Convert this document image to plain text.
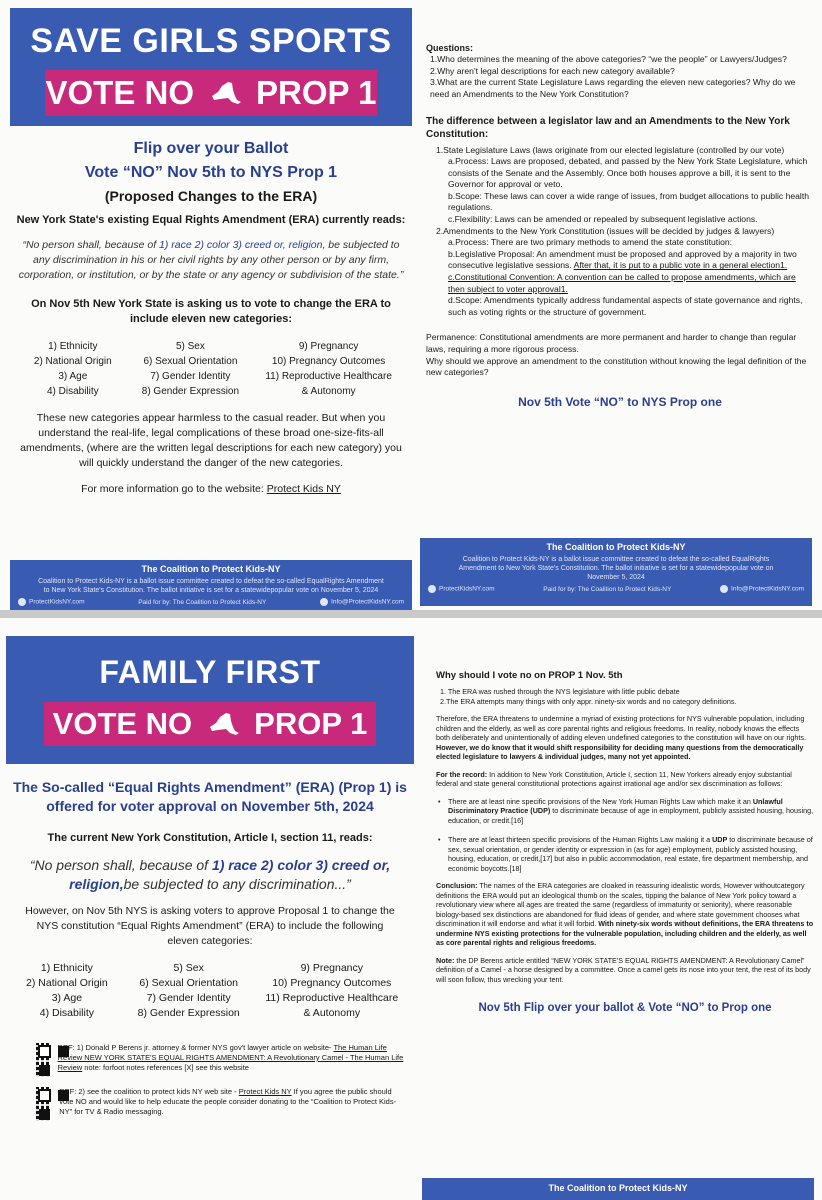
SAVE GIRLS SPORTS
VOTE NO PROP 1
Flip over your Ballot
Vote “NO” Nov 5th to NYS Prop 1
(Proposed Changes to the ERA)
New York State's existing Equal Rights Amendment (ERA) currently reads:
“No person shall, because of 1) race 2) color 3) creed or, religion, be subjected to any discrimination in his or her civil rights by any other person or by any firm, corporation, or institution, or by the state or any agency or subdivision of the state.”
On Nov 5th New York State is asking us to vote to change the ERA to include eleven new categories:
1) Ethnicity	5) Sex	9) Pregnancy
2) National Origin	6) Sexual Orientation	10) Pregnancy Outcomes
3) Age	7) Gender Identity	11) Reproductive Healthcare
4) Disability	8) Gender Expression	& Autonomy
These new categories appear harmless to the casual reader. But when you understand the real-life, legal complications of these broad one-size-fits-all amendments, (where are the written legal descriptions for each new category) you will quickly understand the danger of the new categories.
For more information go to the website: Protect Kids NY
The Coalition to Protect Kids-NY
Coalition to Protect Kids-NY is a ballot issue committee created to defeat the so-called EqualRights Amendment to New York State's Constitution. The ballot initiative is set for a statewidepopular vote on November 5, 2024
ProtectKidsNY.com	Paid for by: The Coalition to Protect Kids-NY	Info@ProtectKidsNY.com
Questions:
1.Who determines the meaning of the above categories? “we the people” or Lawyers/Judges?
2.Why aren't legal descriptions for each new category available?
3.What are the current State Legislature Laws regarding the eleven new categories? Why do we need an Amendments to the New York Constitution?
The difference between a legislator law and an Amendments to the New York Constitution:
1.State Legislature Laws (laws originate from our elected legislature (controlled by our vote)
a.Process: Laws are proposed, debated, and passed by the New York State Legislature, which consists of the Senate and the Assembly. Once both houses approve a bill, it is sent to the Governor for approval or veto.
b.Scope: These laws can cover a wide range of issues, from budget allocations to public health regulations.
c.Flexibility: Laws can be amended or repealed by subsequent legislative actions.
2.Amendments to the New York Constitution (issues will be decided by judges & lawyers)
a.Process: There are two primary methods to amend the state constitution:
b.Legislative Proposal: An amendment must be proposed and approved by a majority in two consecutive legislative sessions. After that, it is put to a public vote in a general election1.
c.Constitutional Convention: A convention can be called to propose amendments, which are then subject to voter approval1.
d.Scope: Amendments typically address fundamental aspects of state governance and rights, such as voting rights or the structure of government.
Permanence: Constitutional amendments are more permanent and harder to change than regular laws, requiring a more rigorous process.
Why should we approve an amendment to the constitution without knowing the legal definition of the new categories?
Nov 5th Vote “NO” to NYS Prop one
The Coalition to Protect Kids-NY
Coalition to Protect Kids-NY is a ballot issue committee created to defeat the so-called EqualRights Amendment to New York State's Constitution. The ballot initiative is set for a statewidepopular vote on November 5, 2024
ProtectKidsNY.com	Paid for by: The Coalition to Protect Kids-NY	Info@ProtectKidsNY.com
FAMILY FIRST
VOTE NO PROP 1
The So-called “Equal Rights Amendment” (ERA) (Prop 1) is offered for voter approval on November 5th, 2024
The current New York Constitution, Article I, section 11, reads:
“No person shall, because of 1) race 2) color 3) creed or, religion,be subjected to any discrimination...”
However, on Nov 5th NYS is asking voters to approve Proposal 1 to change the NYS constitution “Equal Rights Amendment” (ERA) to include the following eleven categories:
1) Ethnicity	5) Sex	9) Pregnancy
2) National Origin	6) Sexual Orientation	10) Pregnancy Outcomes
3) Age	7) Gender Identity	11) Reproductive Healthcare
4) Disability	8) Gender Expression	& Autonomy
REF: 1) Donald P Berens jr. attorney & former NYS gov't lawyer article on website- The Human Life Review NEW YORK STATE'S EQUAL RIGHTS AMENDMENT: A Revolutionary Camel - The Human Life Review note: forfoot notes references [X] see this website
REF: 2) see the coalition to protect kids NY web site - Protect Kids NY If you agree the public should vote NO and would like to help educate the people consider donating to the “Coalition to Protect Kids-NY” for TV & Radio messaging.
Why should I vote no on PROP 1 Nov. 5th
1. The ERA was rushed through the NYS legislature with little public debate
2.The ERA attempts many things with only appr. ninety-six words and no category definitions.
Therefore, the ERA threatens to undermine a myriad of existing protections for NYS vulnerable population, including children and the elderly, as well as core parental rights and religious freedoms. In reality, nobody knows the effects both deliberately and unintentionally of adding eleven undefined categories to the constitution will have on our rights. However, we do know that it would shift responsibility for deciding many questions from the democratically elected legislature to lawyers & individual judges, many not yet appointed.
For the record: In addition to New York Constitution, Article I, section 11, New Yorkers already enjoy substantial federal and state general constitutional protections against irrational age and/or sex discrimination as follows:
• There are at least nine specific provisions of the New York Human Rights Law which make it an Unlawful Discriminatory Practice (UDP) to discriminate because of age in employment, publicly assisted housing, housing, education, or credit.[16]
• There are at least thirteen specific provisions of the Human Rights Law making it a UDP to discriminate because of sex, sexual orientation, or gender identity or expression in (as for age) employment, publicly assisted housing, housing, education, or credit,[17] but also in public accommodation, real estate, fire department membership, and economic boycotts.[18]
Conclusion: The names of the ERA categories are cloaked in reassuring idealistic words, However withoutcategory definitions the ERA would put an ideological thumb on the scales, tipping the balance of New York policy toward a revolutionary view where all ages are treated the same (regardless of immaturity or seniority), where reasonable biology-based sex distinctions are abandoned for fluid ideas of gender, and where state government chooses what discrimination it will endorse and what it will forbid. With ninety-six words without definitions, the ERA threatens to undermine NYS existing protections for the vulnerable population, including children and the elderly, as well as core parental rights and religious freedoms.
Note: the DP Berens article entitled “NEW YORK STATE'S EQUAL RIGHTS AMENDMENT: A Revolutionary Camel” definition of a Camel - a horse designed by a committee. Once a camel gets its nose into your tent, the rest of its body will soon follow, thus wrecking your tent.
Nov 5th Flip over your ballot & Vote “NO” to Prop one
The Coalition to Protect Kids-NY
